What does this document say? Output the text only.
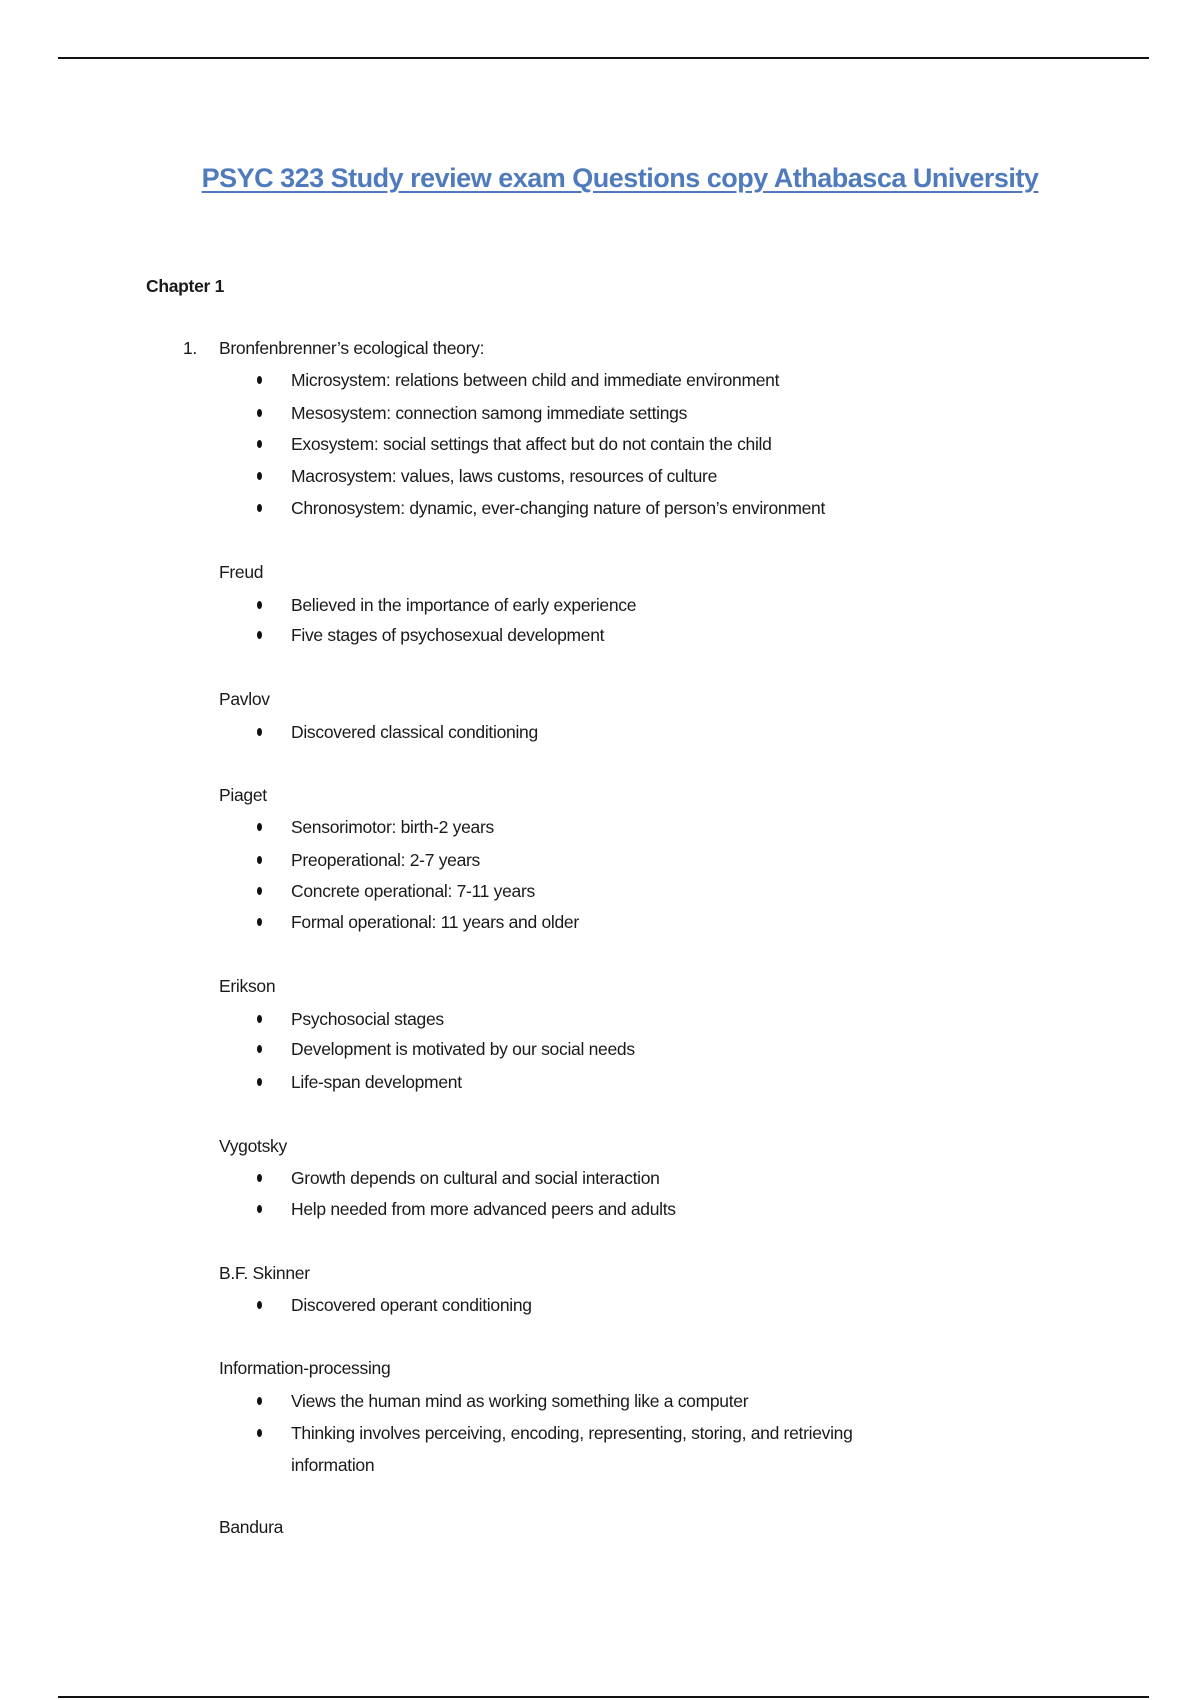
PSYC 323 Study review exam Questions copy Athabasca University
Chapter 1
1. Bronfenbrenner’s ecological theory:
Microsystem: relations between child and immediate environment
Mesosystem: connection samong immediate settings
Exosystem: social settings that affect but do not contain the child
Macrosystem: values, laws customs, resources of culture
Chronosystem: dynamic, ever-changing nature of person’s environment
Freud
Believed in the importance of early experience
Five stages of psychosexual development
Pavlov
Discovered classical conditioning
Piaget
Sensorimotor: birth-2 years
Preoperational: 2-7 years
Concrete operational: 7-11 years
Formal operational: 11 years and older
Erikson
Psychosocial stages
Development is motivated by our social needs
Life-span development
Vygotsky
Growth depends on cultural and social interaction
Help needed from more advanced peers and adults
B.F. Skinner
Discovered operant conditioning
Information-processing
Views the human mind as working something like a computer
Thinking involves perceiving, encoding, representing, storing, and retrieving
information
Bandura
